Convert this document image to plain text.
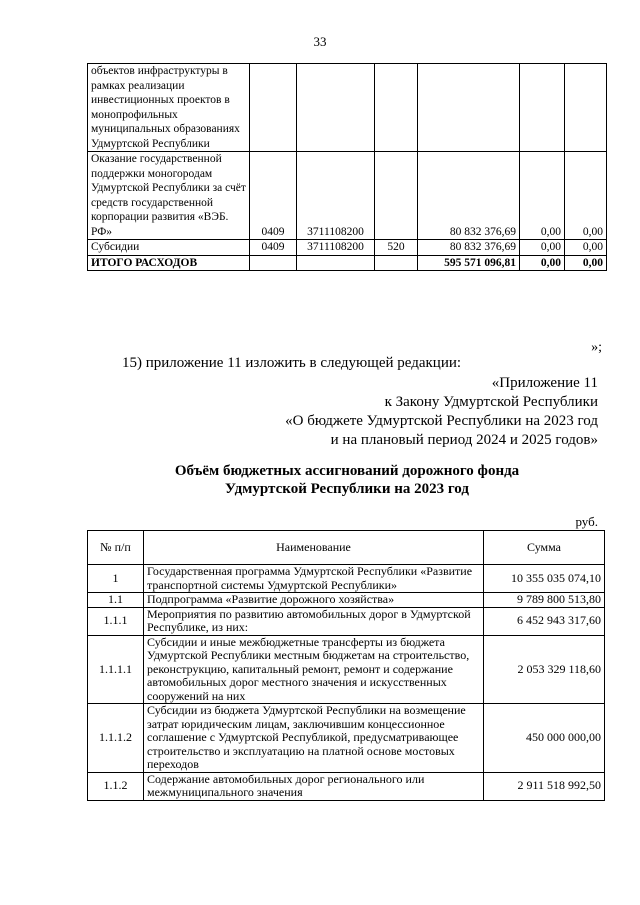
33
объектов инфраструктуры в рамках реализации инвестиционных проектов в монопрофильных муниципальных образованиях Удмуртской Республики						
Оказание государственной поддержки моногородам Удмуртской Республики за счёт средств государственной корпорации развития «ВЭБ. РФ»	0409	3711108200		80 832 376,69	0,00	0,00
Субсидии	0409	3711108200	520	80 832 376,69	0,00	0,00
ИТОГО РАСХОДОВ				595 571 096,81	0,00	0,00
»;
15) приложение 11 изложить в следующей редакции:
«Приложение 11
к Закону Удмуртской Республики
«О бюджете Удмуртской Республики на 2023 год
и на плановый период 2024 и 2025 годов»
Объём бюджетных ассигнований дорожного фонда
Удмуртской Республики на 2023 год
руб.
№ п/п	Наименование	Сумма
1	Государственная программа Удмуртской Республики «Развитие транспортной системы Удмуртской Республики»	10 355 035 074,10
1.1	Подпрограмма «Развитие дорожного хозяйства»	9 789 800 513,80
1.1.1	Мероприятия по развитию автомобильных дорог в Удмуртской Республике, из них:	6 452 943 317,60
1.1.1.1	Субсидии и иные межбюджетные трансферты из бюджета Удмуртской Республики местным бюджетам на строительство, реконструкцию, капитальный ремонт, ремонт и содержание автомобильных дорог местного значения и искусственных сооружений на них	2 053 329 118,60
1.1.1.2	Субсидии из бюджета Удмуртской Республики на возмещение затрат юридическим лицам, заключившим концессионное соглашение с Удмуртской Республикой, предусматривающее строительство и эксплуатацию на платной основе мостовых переходов	450 000 000,00
1.1.2	Содержание автомобильных дорог регионального или межмуниципального значения	2 911 518 992,50
